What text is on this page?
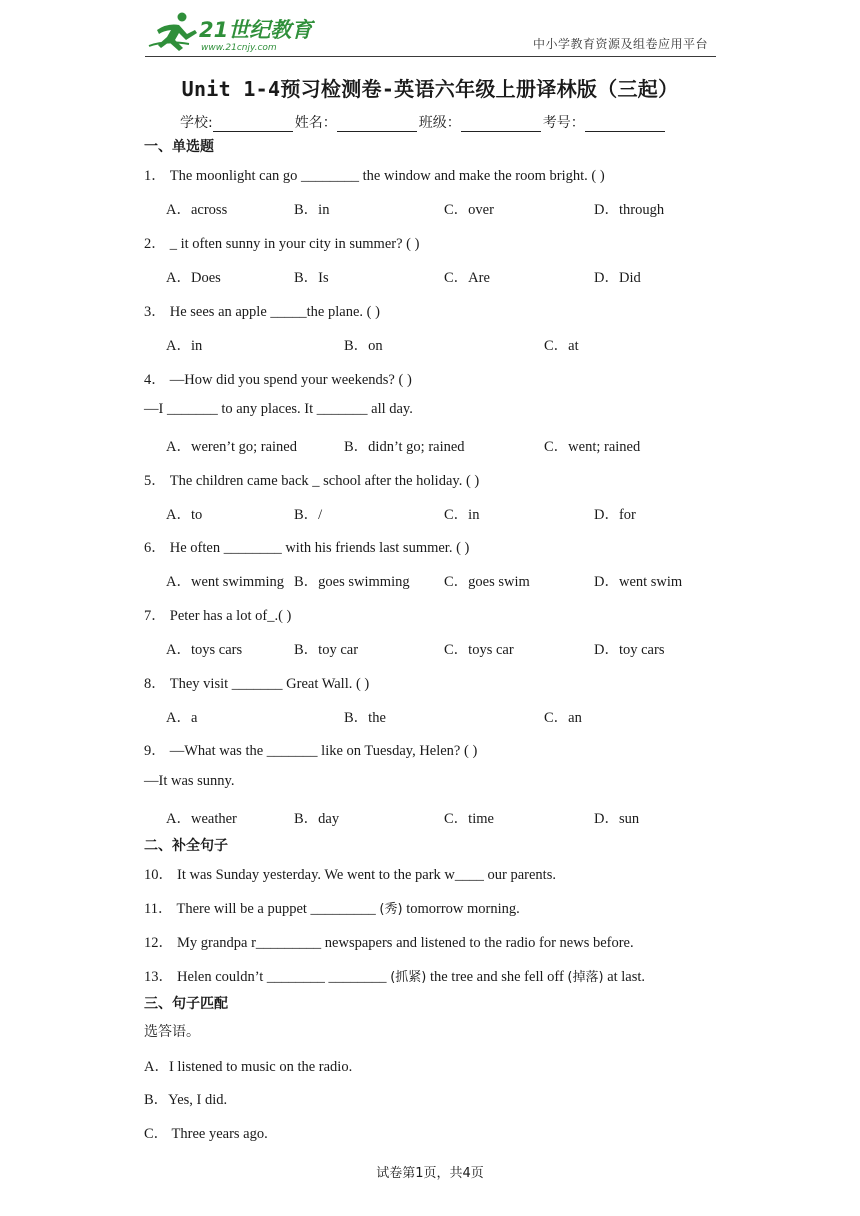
21世纪教育
www.21cnjy.com	中小学教育资源及组卷应用平台
Unit 1-4预习检测卷-英语六年级上册译林版（三起）
学校:	姓名：	班级：	考号：
一、单选题
1． The moonlight can go ________ the window and make the room bright. ( )
A．across	B．in	C．over	D．through
2． _ it often sunny in your city in summer? ( )
A．Does	B．Is	C．Are	D．Did
3． He sees an apple _____the plane. ( )
A．in	B．on	C．at
4． —How did you spend your weekends? ( )
—I _______ to any places. It _______ all day.
A．weren’t go; rained	B．didn’t go; rained	C．went; rained
5． The children came back _ school after the holiday. ( )
A．to	B．/	C．in	D．for
6． He often ________ with his friends last summer. ( )
A．went swimming B．goes swimming C．goes swim	D．went swim
7． Peter has a lot of_.( )
A．toys cars	B．toy car	C．toys car	D．toy cars
8． They visit _______ Great Wall. ( )
A．a	B．the	C．an
9． —What was the _______ like on Tuesday, Helen? ( )
—It was sunny.
A．weather	B．day	C．time	D．sun
二、补全句子
10． It was Sunday yesterday. We went to the park w____ our parents.
11． There will be a puppet _________ (秀) tomorrow morning.
12． My grandpa r_________ newspapers and listened to the radio for news before.
13． Helen couldn’t ________ ________ (抓紧) the tree and she fell off (掉落) at last.
三、句子匹配
选答语。
A．I listened to music on the radio.
B．Yes, I did.
C． Three years ago.
试卷第1页，共4页
